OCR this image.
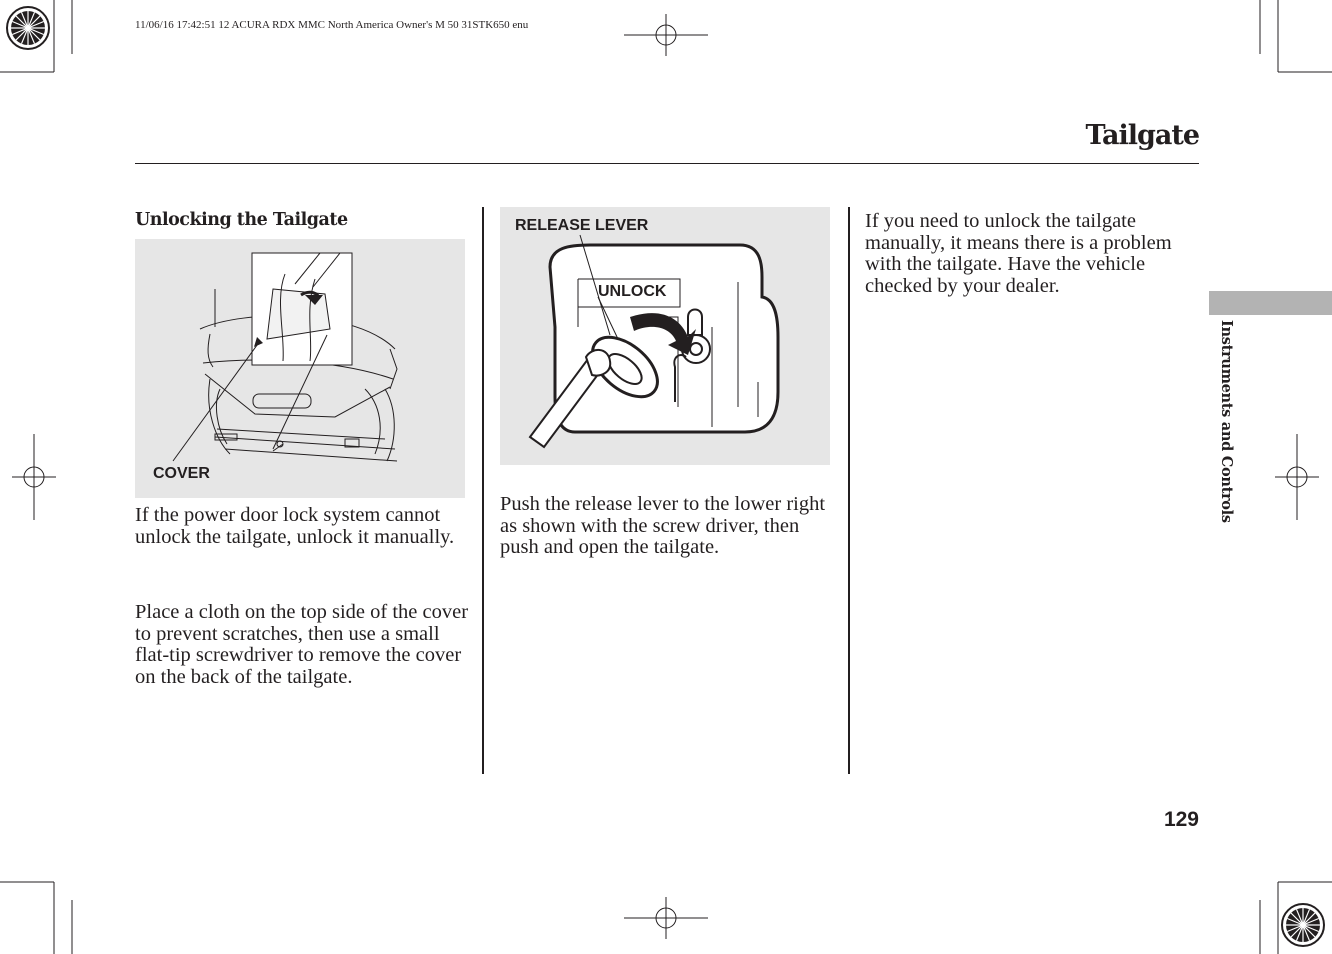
11/06/16 17:42:51 12 ACURA RDX MMC North America Owner's M 50 31STK650 enu
Tailgate
Unlocking the Tailgate
COVER
If the power door lock system cannot unlock the tailgate, unlock it manually.
Place a cloth on the top side of the cover to prevent scratches, then use a small flat-tip screwdriver to remove the cover on the back of the tailgate.
RELEASE LEVER
UNLOCK
Push the release lever to the lower right as shown with the screw driver, then push and open the tailgate.
If you need to unlock the tailgate manually, it means there is a problem with the tailgate. Have the vehicle checked by your dealer.
Instruments and Controls
129
